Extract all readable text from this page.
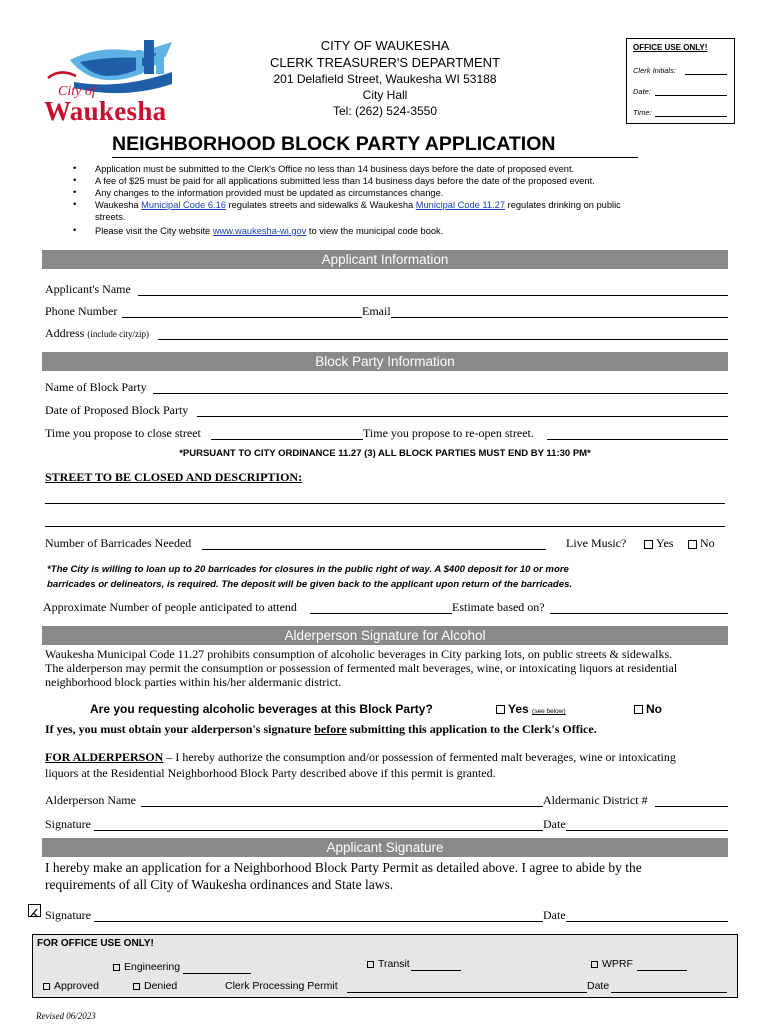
City of
Waukesha
CITY OF WAUKESHA
CLERK TREASURER'S DEPARTMENT
201 Delafield Street, Waukesha WI 53188
City Hall
Tel: (262) 524-3550
OFFICE USE ONLY!
Clerk Initials:
Date:
Time:
NEIGHBORHOOD BLOCK PARTY APPLICATION
• Application must be submitted to the Clerk's Office no less than 14 business days before the date of proposed event.
• A fee of $25 must be paid for all applications submitted less than 14 business days before the date of the proposed event.
• Any changes to the information provided must be updated as circumstances change.
• Waukesha Municipal Code 6.16 regulates streets and sidewalks & Waukesha Municipal Code 11.27 regulates drinking on public
streets.
• Please visit the City website www.waukesha-wi.gov to view the municipal code book.
Applicant Information
Applicant's Name
Phone Number	Email
Address (include city/zip)
Block Party Information
Name of Block Party
Date of Proposed Block Party
Time you propose to close street	Time you propose to re-open street.
*PURSUANT TO CITY ORDINANCE 11.27 (3) ALL BLOCK PARTIES MUST END BY 11:30 PM*
STREET TO BE CLOSED AND DESCRIPTION:
Number of Barricades Needed	Live Music?	Yes	No
*The City is willing to loan up to 20 barricades for closures in the public right of way. A $400 deposit for 10 or more
barricades or delineators, is required. The deposit will be given back to the applicant upon return of the barricades.
Approximate Number of people anticipated to attend	Estimate based on?
Alderperson Signature for Alcohol
Waukesha Municipal Code 11.27 prohibits consumption of alcoholic beverages in City parking lots, on public streets & sidewalks.
The alderperson may permit the consumption or possession of fermented malt beverages, wine, or intoxicating liquors at residential
neighborhood block parties within his/her aldermanic district.
Are you requesting alcoholic beverages at this Block Party?	Yes (see below)	No
If yes, you must obtain your alderperson's signature before submitting this application to the Clerk's Office.
FOR ALDERPERSON – I hereby authorize the consumption and/or possession of fermented malt beverages, wine or intoxicating
liquors at the Residential Neighborhood Block Party described above if this permit is granted.
Alderperson Name	Aldermanic District #
Signature	Date
Applicant Signature
I hereby make an application for a Neighborhood Block Party Permit as detailed above. I agree to abide by the
requirements of all City of Waukesha ordinances and State laws.
Signature	Date
FOR OFFICE USE ONLY!
Engineering	Transit	WPRF
Approved	Denied	Clerk Processing Permit	Date
Revised 06/2023
